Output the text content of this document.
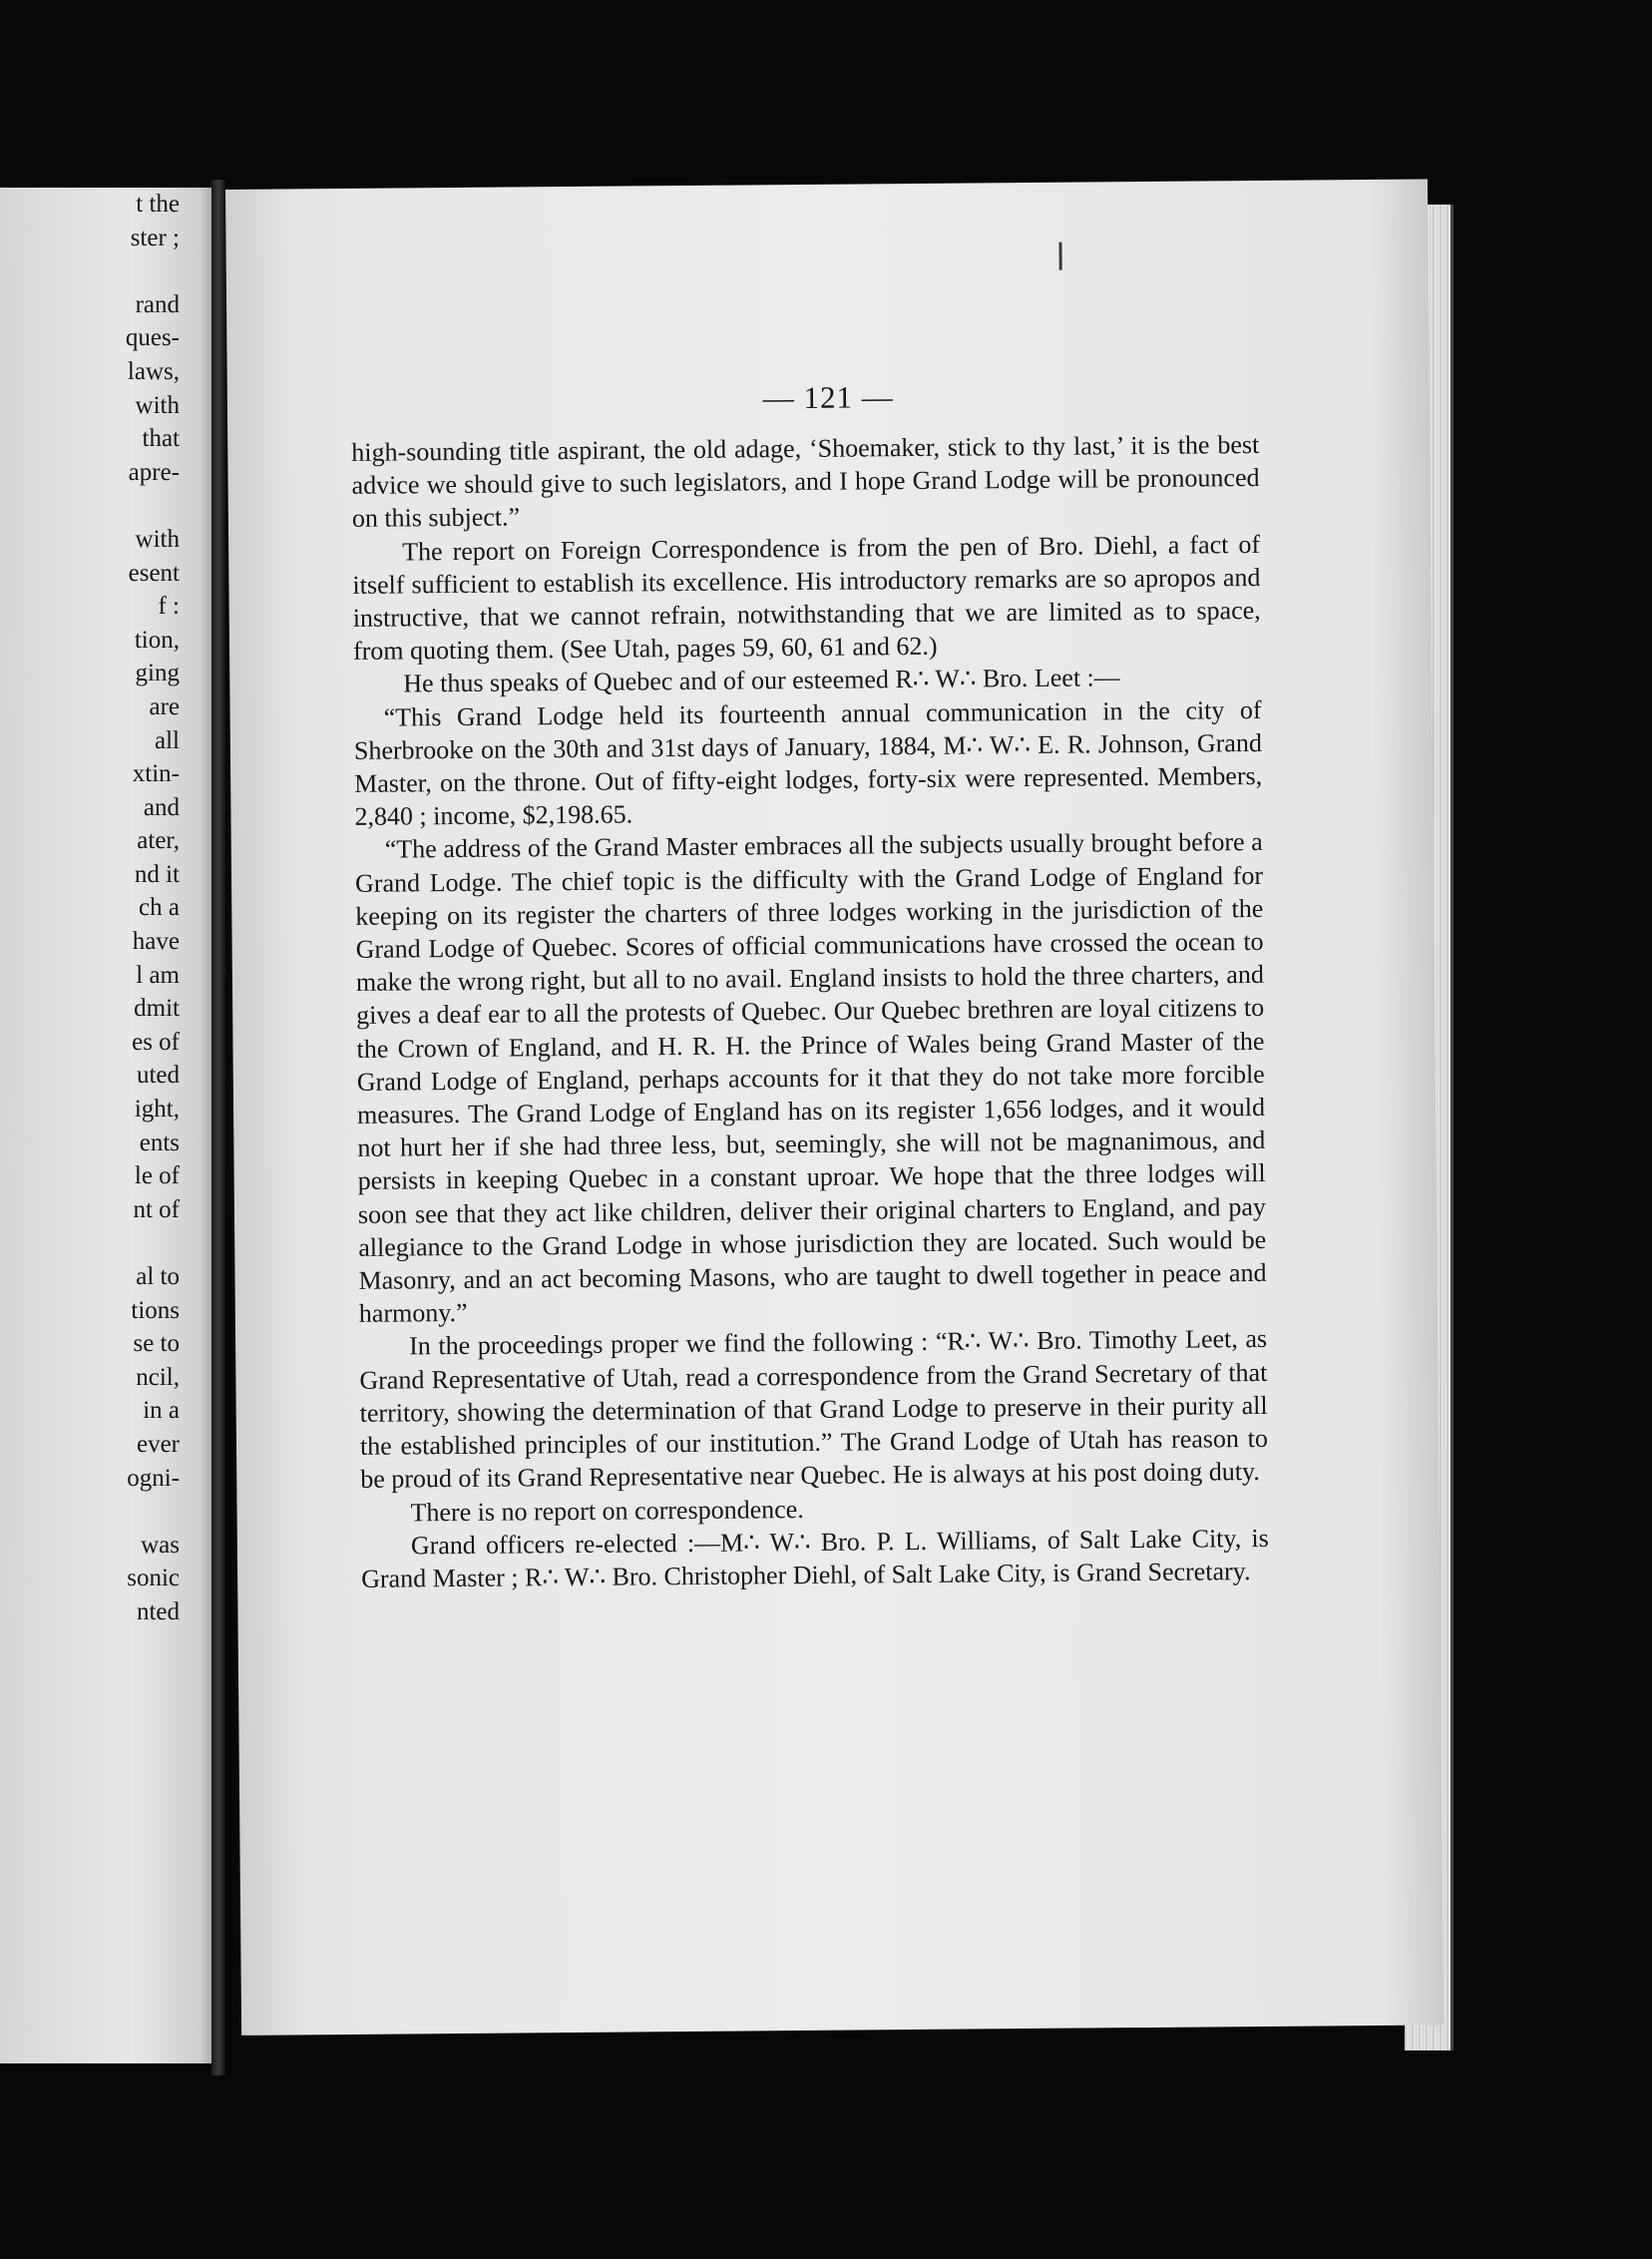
t the
ster ;
rand
ques-
laws,
with
that
apre-
with
esent
f :
tion,
ging
are
all
xtin-
and
ater,
nd it
ch a
have
l am
dmit
es of
uted
ight,
ents
le of
nt of
al to
tions
se to
ncil,
in a
ever
ogni-
was
sonic
nted
— 121 —

high-sounding title aspirant, the old adage, ‘Shoemaker, stick to thy last,’ it is the best advice we should give to such legislators, and I hope Grand Lodge will be pronounced on this subject.”

The report on Foreign Correspondence is from the pen of Bro. Diehl, a fact of itself sufficient to establish its excellence. His introductory remarks are so apropos and instructive, that we cannot refrain, notwithstanding that we are limited as to space, from quoting them. (See Utah, pages 59, 60, 61 and 62.)

He thus speaks of Quebec and of our esteemed R∴ W∴ Bro. Leet :—

“This Grand Lodge held its fourteenth annual communication in the city of Sherbrooke on the 30th and 31st days of January, 1884, M∴ W∴ E. R. Johnson, Grand Master, on the throne. Out of fifty-eight lodges, forty-six were represented. Members, 2,840 ; income, $2,198.65.

“The address of the Grand Master embraces all the subjects usually brought before a Grand Lodge. The chief topic is the difficulty with the Grand Lodge of England for keeping on its register the charters of three lodges working in the jurisdiction of the Grand Lodge of Quebec. Scores of official communications have crossed the ocean to make the wrong right, but all to no avail. England insists to hold the three charters, and gives a deaf ear to all the protests of Quebec. Our Quebec brethren are loyal citizens to the Crown of England, and H. R. H. the Prince of Wales being Grand Master of the Grand Lodge of England, perhaps accounts for it that they do not take more forcible measures. The Grand Lodge of England has on its register 1,656 lodges, and it would not hurt her if she had three less, but, seemingly, she will not be magnanimous, and persists in keeping Quebec in a constant uproar. We hope that the three lodges will soon see that they act like children, deliver their original charters to England, and pay allegiance to the Grand Lodge in whose jurisdiction they are located. Such would be Masonry, and an act becoming Masons, who are taught to dwell together in peace and harmony.”

In the proceedings proper we find the following : “R∴ W∴ Bro. Timothy Leet, as Grand Representative of Utah, read a correspondence from the Grand Secretary of that territory, showing the determination of that Grand Lodge to preserve in their purity all the established principles of our institution.” The Grand Lodge of Utah has reason to be proud of its Grand Representative near Quebec. He is always at his post doing duty.

There is no report on correspondence.

Grand officers re-elected :—M∴ W∴ Bro. P. L. Williams, of Salt Lake City, is Grand Master ; R∴ W∴ Bro. Christopher Diehl, of Salt Lake City, is Grand Secretary.
